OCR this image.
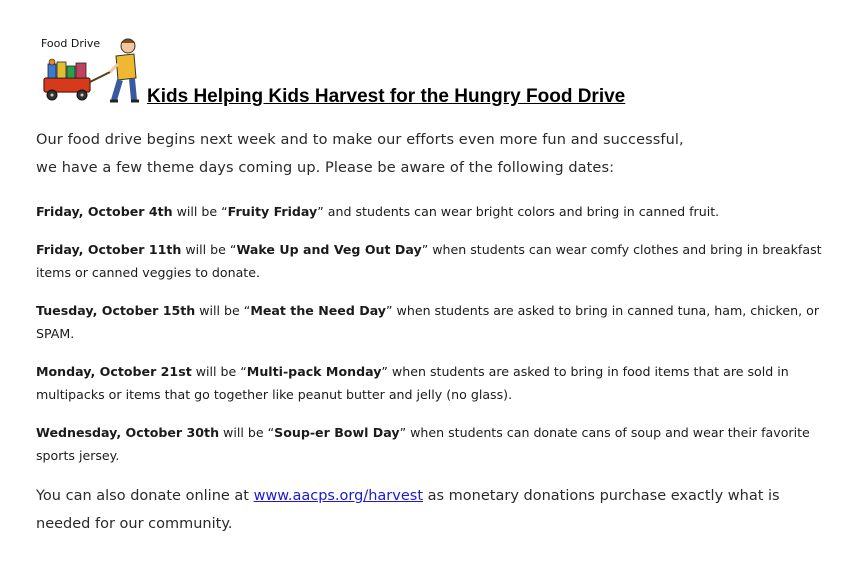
Food Drive
Kids Helping Kids Harvest for the Hungry Food Drive
Our food drive begins next week and to make our efforts even more fun and successful,
we have a few theme days coming up. Please be aware of the following dates:
Friday, October 4th will be “Fruity Friday” and students can wear bright colors and bring in canned fruit.
Friday, October 11th will be “Wake Up and Veg Out Day” when students can wear comfy clothes and bring in breakfast items or canned veggies to donate.
Tuesday, October 15th will be “Meat the Need Day” when students are asked to bring in canned tuna, ham, chicken, or SPAM.
Monday, October 21st will be “Multi-pack Monday” when students are asked to bring in food items that are sold in multipacks or items that go together like peanut butter and jelly (no glass).
Wednesday, October 30th will be “Soup-er Bowl Day” when students can donate cans of soup and wear their favorite sports jersey.
You can also donate online at www.aacps.org/harvest as monetary donations purchase exactly what is needed for our community.
